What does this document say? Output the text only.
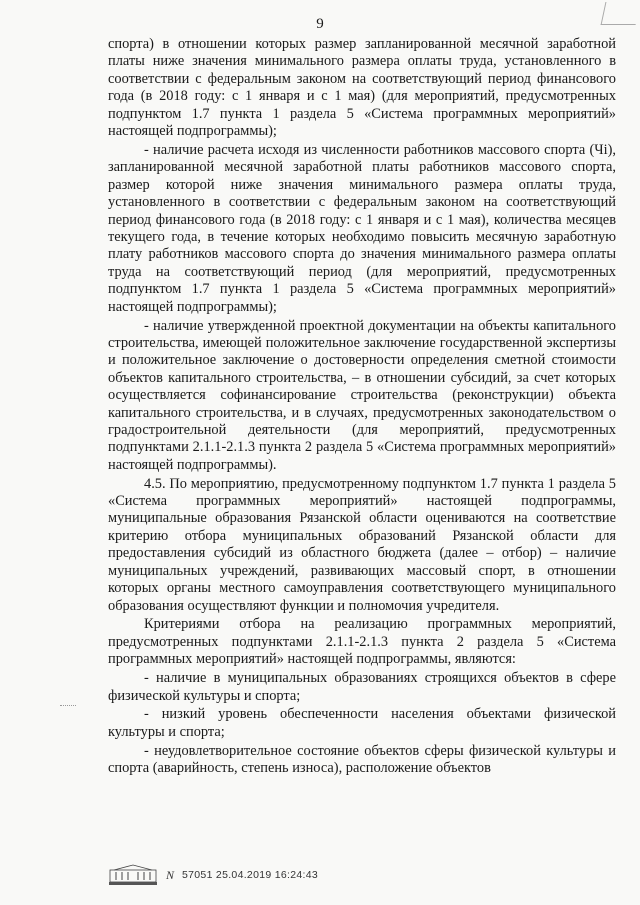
9

спорта) в отношении которых размер запланированной месячной заработной платы ниже значения минимального размера оплаты труда, установленного в соответствии с федеральным законом на соответствующий период финансового года (в 2018 году: с 1 января и с 1 мая) (для мероприятий, предусмотренных подпунктом 1.7 пункта 1 раздела 5 «Система программных мероприятий» настоящей подпрограммы);

- наличие расчета исходя из численности работников массового спорта (Чi), запланированной месячной заработной платы работников массового спорта, размер которой ниже значения минимального размера оплаты труда, установленного в соответствии с федеральным законом на соответствующий период финансового года (в 2018 году: с 1 января и с 1 мая), количества месяцев текущего года, в течение которых необходимо повысить месячную заработную плату работников массового спорта до значения минимального размера оплаты труда на соответствующий период (для мероприятий, предусмотренных подпунктом 1.7 пункта 1 раздела 5 «Система программных мероприятий» настоящей подпрограммы);

- наличие утвержденной проектной документации на объекты капитального строительства, имеющей положительное заключение государственной экспертизы и положительное заключение о достоверности определения сметной стоимости объектов капитального строительства, – в отношении субсидий, за счет которых осуществляется софинансирование строительства (реконструкции) объекта капитального строительства, и в случаях, предусмотренных законодательством о градостроительной деятельности (для мероприятий, предусмотренных подпунктами 2.1.1-2.1.3 пункта 2 раздела 5 «Система программных мероприятий» настоящей подпрограммы).

4.5. По мероприятию, предусмотренному подпунктом 1.7 пункта 1 раздела 5 «Система программных мероприятий» настоящей подпрограммы, муниципальные образования Рязанской области оцениваются на соответствие критерию отбора муниципальных образований Рязанской области для предоставления субсидий из областного бюджета (далее – отбор) – наличие муниципальных учреждений, развивающих массовый спорт, в отношении которых органы местного самоуправления соответствующего муниципального образования осуществляют функции и полномочия учредителя.

Критериями отбора на реализацию программных мероприятий, предусмотренных подпунктами 2.1.1-2.1.3 пункта 2 раздела 5 «Система программных мероприятий» настоящей подпрограммы, являются:

- наличие в муниципальных образованиях строящихся объектов в сфере физической культуры и спорта;

- низкий уровень обеспеченности населения объектами физической культуры и спорта;

- неудовлетворительное состояние объектов сферы физической культуры и спорта (аварийность, степень износа), расположение объектов

N 57051 25.04.2019 16:24:43
